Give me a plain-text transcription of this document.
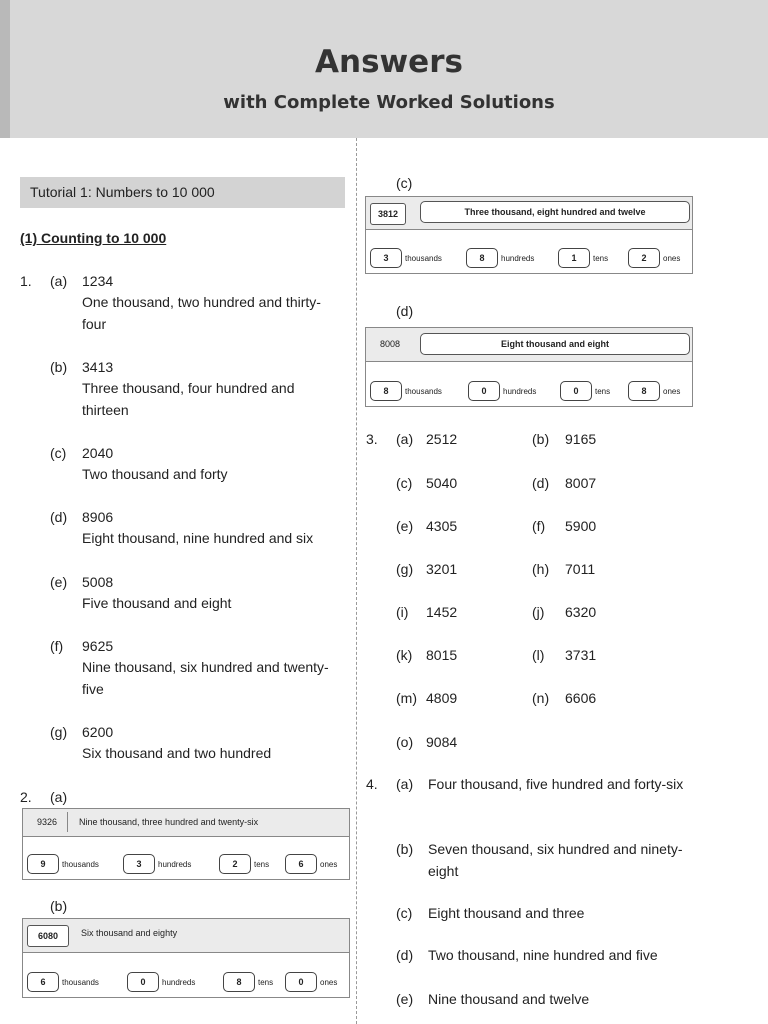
Answers
with Complete Worked Solutions
Tutorial 1: Numbers to 10 000
(1) Counting to 10 000
1. (a) 1234
One thousand, two hundred and thirty-four
(b) 3413
Three thousand, four hundred and thirteen
(c) 2040
Two thousand and forty
(d) 8906
Eight thousand, nine hundred and six
(e) 5008
Five thousand and eight
(f) 9625
Nine thousand, six hundred and twenty-five
(g) 6200
Six thousand and two hundred
2. (a)
9326	Nine thousand, three hundred and twenty-six
9	thousands	3	hundreds	2	tens	6	ones
(b)
6080	Six thousand and eighty
6	thousands	0	hundreds	8	tens	0	ones
(c)
3812	Three thousand, eight hundred and twelve
3	thousands	8	hundreds	1	tens	2	ones
(d)
8008	Eight thousand and eight
8	thousands	0	hundreds	0	tens	8	ones
3. (a) 2512	(b) 9165
(c) 5040	(d) 8007
(e) 4305	(f) 5900
(g) 3201	(h) 7011
(i) 1452	(j) 6320
(k) 8015	(l) 3731
(m) 4809	(n) 6606
(o) 9084
4. (a) Four thousand, five hundred and forty-six
(b) Seven thousand, six hundred and ninety-eight
(c) Eight thousand and three
(d) Two thousand, nine hundred and five
(e) Nine thousand and twelve
